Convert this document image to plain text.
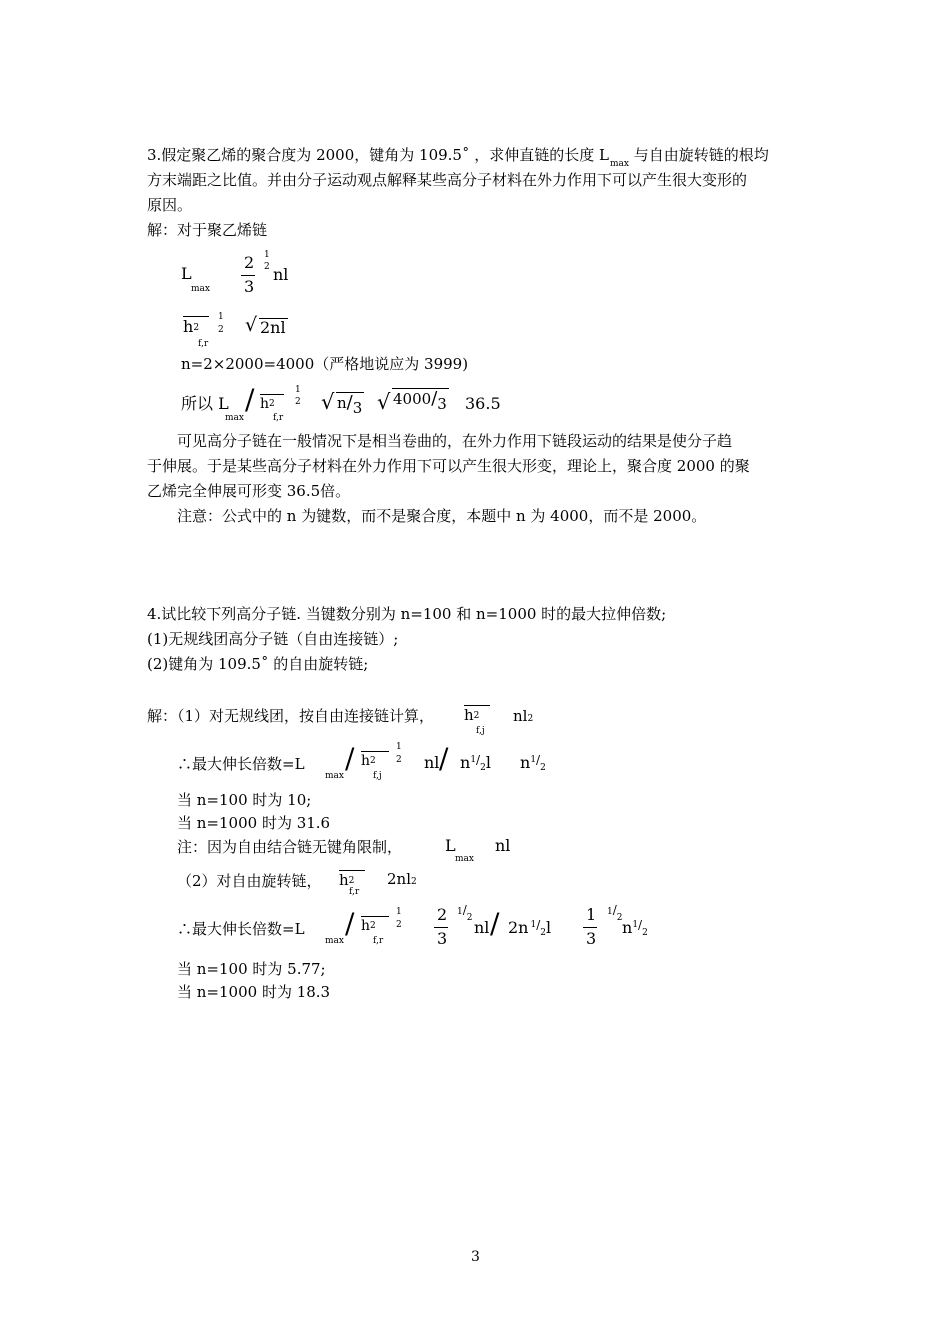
3.假定聚乙烯的聚合度为 2000，键角为 109.5˚ ，求伸直链的长度 $L_{max}$ 与自由旋转链的根均
方末端距之比值。并由分子运动观点解释某些高分子材料在外力作用下可以产生很大变形的
原因。
解：对于聚乙烯链
L
max
2
3
1
2 nl
h2
f,r
1
2 √ 2nl
n=2×2000=4000（严格地说应为 3999)
所以 L
max
/ h2
f,r
1
2 √ n/3 √ 4000/3 36.5
可见高分子链在一般情况下是相当卷曲的，在外力作用下链段运动的结果是使分子趋
于伸展。于是某些高分子材料在外力作用下可以产生很大形变，理论上，聚合度 2000 的聚
乙烯完全伸展可形变 36.5倍。
注意：公式中的 n 为键数，而不是聚合度，本题中 n 为 4000，而不是 2000。
4.试比较下列高分子链. 当键数分别为 n=100 和 n=1000 时的最大拉伸倍数;
(1)无规线团高分子链（自由连接链）;
(2)键角为 109.5˚ 的自由旋转链;
解：（1）对无规线团，按自由连接链计算， h2
f,j
nl2
∴最大伸长倍数=L
max
/ h2
f,j
1
2 nl / $n^{1/}2l$ $n^{1/}2$
当 n=100 时为 10;
当 n=1000 时为 31.6
注：因为自由结合链无键角限制，	L
max
nl
（2）对自由旋转链， h2
f,r
2nl2
∴最大伸长倍数=L
max
/ h2
f,r
1
2
2
3
1/2 nl / 2n $^{1/}$2l
1
3
1/2 $n^{1/}2$
当 n=100 时为 5.77;
当 n=1000 时为 18.3
3
